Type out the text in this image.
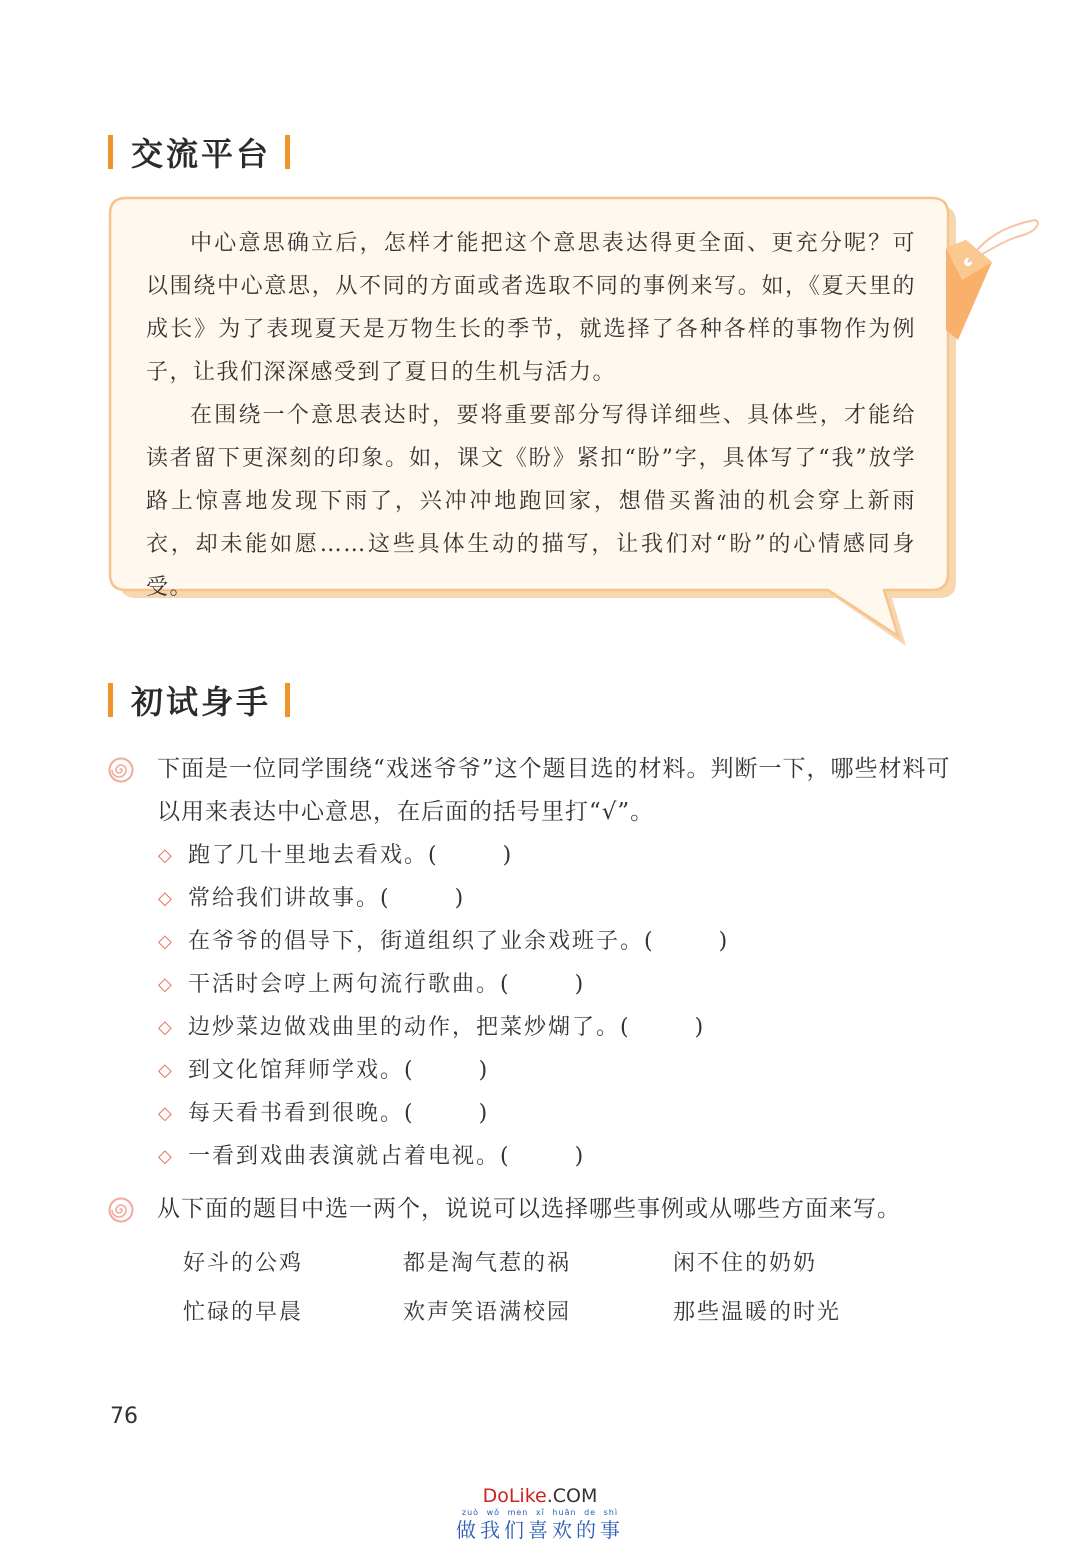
交流平台

中心意思确立后，怎样才能把这个意思表达得更全面、更充分呢？可以围绕中心意思，从不同的方面或者选取不同的事例来写。如，《夏天里的成长》为了表现夏天是万物生长的季节，就选择了各种各样的事物作为例子，让我们深深感受到了夏日的生机与活力。

在围绕一个意思表达时，要将重要部分写得详细些、具体些，才能给读者留下更深刻的印象。如，课文《盼》紧扣“盼”字，具体写了“我”放学路上惊喜地发现下雨了，兴冲冲地跑回家，想借买酱油的机会穿上新雨衣，却未能如愿……这些具体生动的描写，让我们对“盼”的心情感同身受。

初试身手
下面是一位同学围绕“戏迷爷爷”这个题目选的材料。判断一下，哪些材料可以用来表达中心意思，在后面的括号里打“√”。
◇ 跑了几十里地去看戏。 (　　　)
◇ 常给我们讲故事。 (　　　)
◇ 在爷爷的倡导下，街道组织了业余戏班子。 (　　　)
◇ 干活时会哼上两句流行歌曲。 (　　　)
◇ 边炒菜边做戏曲里的动作，把菜炒煳了。 (　　　)
◇ 到文化馆拜师学戏。 (　　　)
◇ 每天看书看到很晚。 (　　　)
◇ 一看到戏曲表演就占着电视。 (　　　)
从下面的题目中选一两个，说说可以选择哪些事例或从哪些方面来写。
好斗的公鸡	都是淘气惹的祸	闲不住的奶奶
忙碌的早晨	欢声笑语满校园	那些温暖的时光
76
DoLike.COM
zuò wǒ men xǐ huān de shì
做我们喜欢的事
